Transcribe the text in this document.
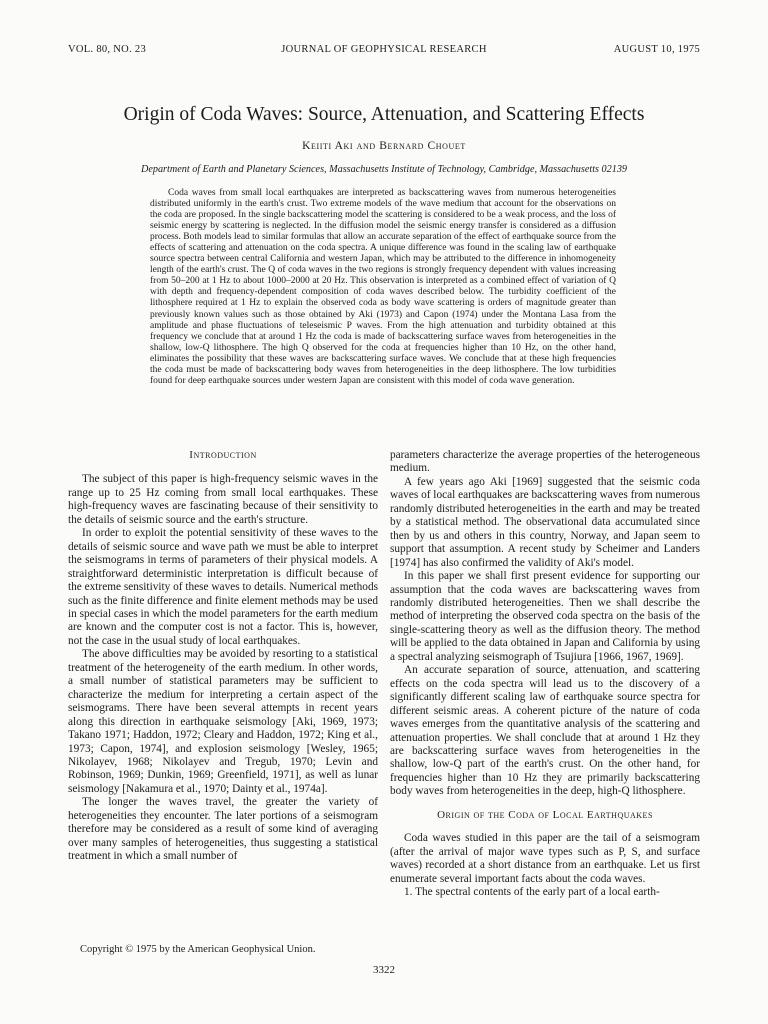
VOL. 80, NO. 23	JOURNAL OF GEOPHYSICAL RESEARCH	AUGUST 10, 1975
Origin of Coda Waves: Source, Attenuation, and Scattering Effects
Keiiti Aki and Bernard Chouet
Department of Earth and Planetary Sciences, Massachusetts Institute of Technology, Cambridge, Massachusetts 02139

Coda waves from small local earthquakes are interpreted as backscattering waves from numerous heterogeneities distributed uniformly in the earth's crust. Two extreme models of the wave medium that account for the observations on the coda are proposed. In the single backscattering model the scattering is considered to be a weak process, and the loss of seismic energy by scattering is neglected. In the diffusion model the seismic energy transfer is considered as a diffusion process. Both models lead to similar formulas that allow an accurate separation of the effect of earthquake source from the effects of scattering and attenuation on the coda spectra. A unique difference was found in the scaling law of earthquake source spectra between central California and western Japan, which may be attributed to the difference in inhomogeneity length of the earth's crust. The Q of coda waves in the two regions is strongly frequency dependent with values increasing from 50–200 at 1 Hz to about 1000–2000 at 20 Hz. This observation is interpreted as a combined effect of variation of Q with depth and frequency-dependent composition of coda waves described below. The turbidity coefficient of the lithosphere required at 1 Hz to explain the observed coda as body wave scattering is orders of magnitude greater than previously known values such as those obtained by Aki (1973) and Capon (1974) under the Montana Lasa from the amplitude and phase fluctuations of teleseismic P waves. From the high attenuation and turbidity obtained at this frequency we conclude that at around 1 Hz the coda is made of backscattering surface waves from heterogeneities in the shallow, low-Q lithosphere. The high Q observed for the coda at frequencies higher than 10 Hz, on the other hand, eliminates the possibility that these waves are backscattering surface waves. We conclude that at these high frequencies the coda must be made of backscattering body waves from heterogeneities in the deep lithosphere. The low turbidities found for deep earthquake sources under western Japan are consistent with this model of coda wave generation.

Introduction

The subject of this paper is high-frequency seismic waves in the range up to 25 Hz coming from small local earthquakes. These high-frequency waves are fascinating because of their sensitivity to the details of seismic source and the earth's structure.

In order to exploit the potential sensitivity of these waves to the details of seismic source and wave path we must be able to interpret the seismograms in terms of parameters of their physical models. A straightforward deterministic interpretation is difficult because of the extreme sensitivity of these waves to details. Numerical methods such as the finite difference and finite element methods may be used in special cases in which the model parameters for the earth medium are known and the computer cost is not a factor. This is, however, not the case in the usual study of local earthquakes.

The above difficulties may be avoided by resorting to a statistical treatment of the heterogeneity of the earth medium. In other words, a small number of statistical parameters may be sufficient to characterize the medium for interpreting a certain aspect of the seismograms. There have been several attempts in recent years along this direction in earthquake seismology [Aki, 1969, 1973; Takano 1971; Haddon, 1972; Cleary and Haddon, 1972; King et al., 1973; Capon, 1974], and explosion seismology [Wesley, 1965; Nikolayev, 1968; Nikolayev and Tregub, 1970; Levin and Robinson, 1969; Dunkin, 1969; Greenfield, 1971], as well as lunar seismology [Nakamura et al., 1970; Dainty et al., 1974a].

The longer the waves travel, the greater the variety of heterogeneities they encounter. The later portions of a seismogram therefore may be considered as a result of some kind of averaging over many samples of heterogeneities, thus suggesting a statistical treatment in which a small number of

parameters characterize the average properties of the heterogeneous medium.

A few years ago Aki [1969] suggested that the seismic coda waves of local earthquakes are backscattering waves from numerous randomly distributed heterogeneities in the earth and may be treated by a statistical method. The observational data accumulated since then by us and others in this country, Norway, and Japan seem to support that assumption. A recent study by Scheimer and Landers [1974] has also confirmed the validity of Aki's model.

In this paper we shall first present evidence for supporting our assumption that the coda waves are backscattering waves from randomly distributed heterogeneities. Then we shall describe the method of interpreting the observed coda spectra on the basis of the single-scattering theory as well as the diffusion theory. The method will be applied to the data obtained in Japan and California by using a spectral analyzing seismograph of Tsujiura [1966, 1967, 1969].

An accurate separation of source, attenuation, and scattering effects on the coda spectra will lead us to the discovery of a significantly different scaling law of earthquake source spectra for different seismic areas. A coherent picture of the nature of coda waves emerges from the quantitative analysis of the scattering and attenuation properties. We shall conclude that at around 1 Hz they are backscattering surface waves from heterogeneities in the shallow, low-Q part of the earth's crust. On the other hand, for frequencies higher than 10 Hz they are primarily backscattering body waves from heterogeneities in the deep, high-Q lithosphere.

Origin of the Coda of Local Earthquakes

Coda waves studied in this paper are the tail of a seismogram (after the arrival of major wave types such as P, S, and surface waves) recorded at a short distance from an earthquake. Let us first enumerate several important facts about the coda waves.

1. The spectral contents of the early part of a local earth-

Copyright © 1975 by the American Geophysical Union.
3322
